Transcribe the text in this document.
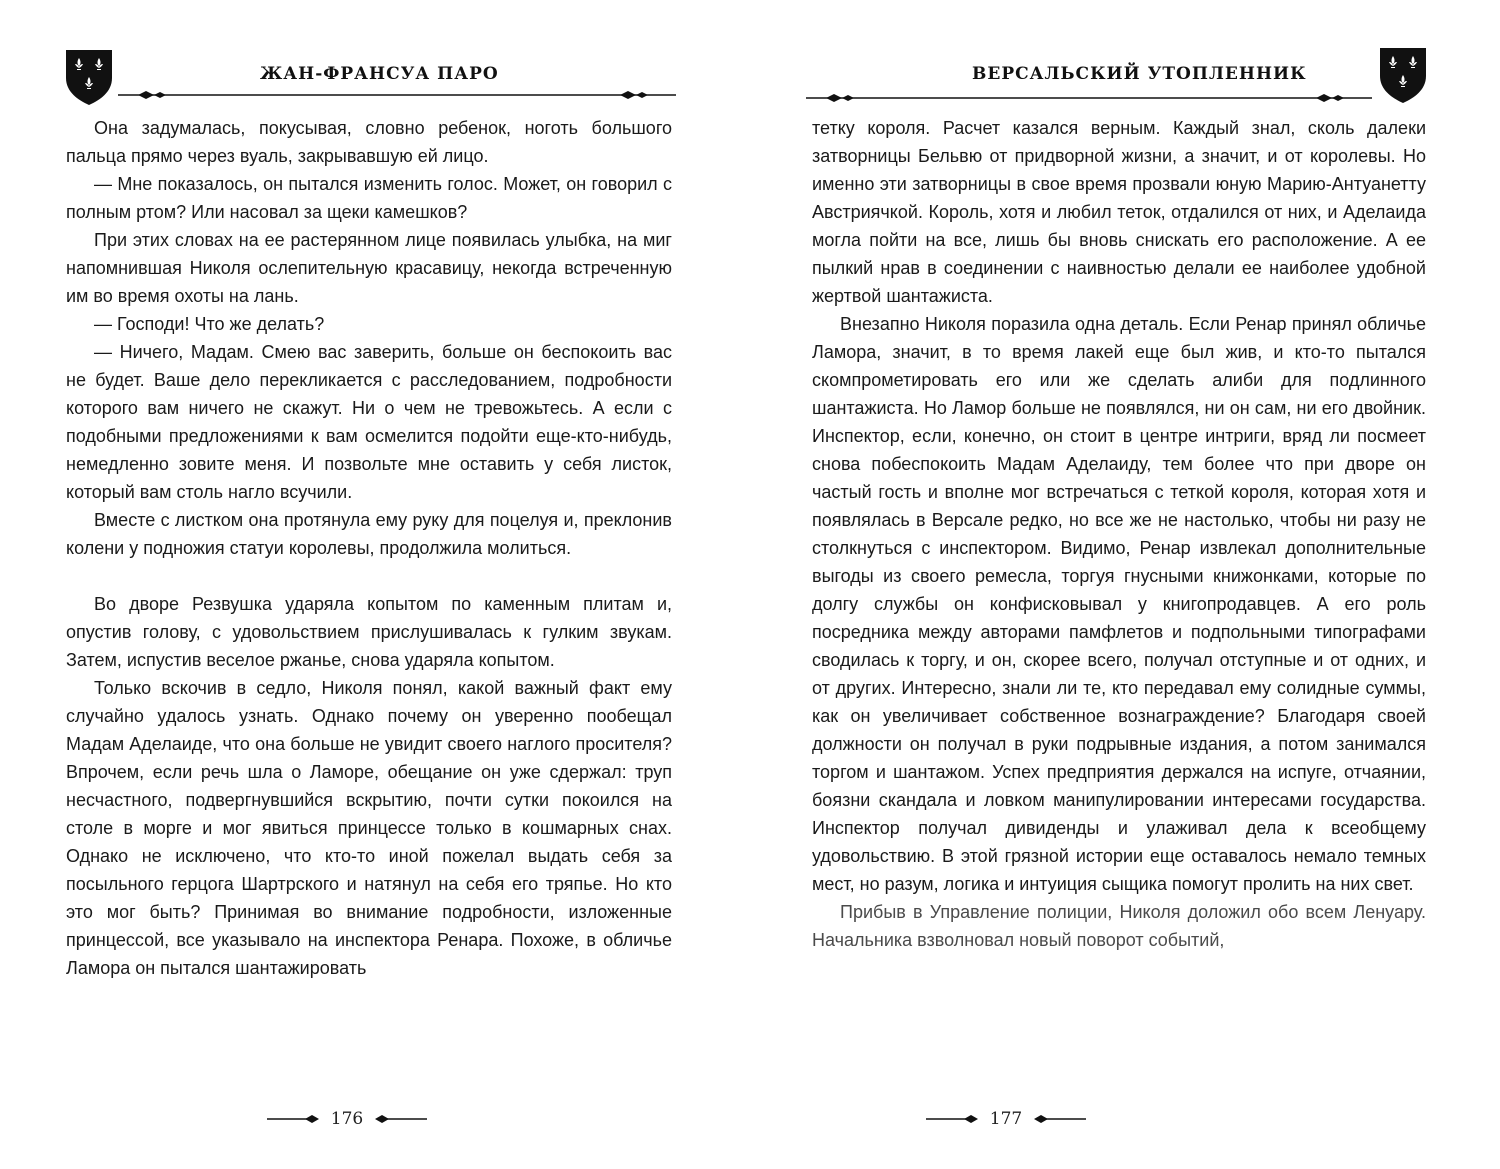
ЖАН-ФРАНСУА ПАРО

Она задумалась, покусывая, словно ребенок, ноготь большого пальца прямо через вуаль, закрывавшую ей лицо.

— Мне показалось, он пытался изменить голос. Может, он говорил с полным ртом? Или насовал за щеки камешков?

При этих словах на ее растерянном лице появилась улыбка, на миг напомнившая Николя ослепительную красавицу, некогда встреченную им во время охоты на лань.

— Господи! Что же делать?

— Ничего, Мадам. Смею вас заверить, больше он беспокоить вас не будет. Ваше дело перекликается с расследованием, подробности которого вам ничего не скажут. Ни о чем не тревожьтесь. А если с подобными предложениями к вам осмелится подойти еще-кто-нибудь, немедленно зовите меня. И позвольте мне оставить у себя листок, который вам столь нагло всучили.

Вместе с листком она протянула ему руку для поцелуя и, преклонив колени у подножия статуи королевы, продолжила молиться.

Во дворе Резвушка ударяла копытом по каменным плитам и, опустив голову, с удовольствием прислушивалась к гулким звукам. Затем, испустив веселое ржанье, снова ударяла копытом.

Только вскочив в седло, Николя понял, какой важный факт ему случайно удалось узнать. Однако почему он уверенно пообещал Мадам Аделаиде, что она больше не увидит своего наглого просителя? Впрочем, если речь шла о Ламоре, обещание он уже сдержал: труп несчастного, подвергнувшийся вскрытию, почти сутки покоился на столе в морге и мог явиться принцессе только в кошмарных снах. Однако не исключено, что кто-то иной пожелал выдать себя за посыльного герцога Шартрского и натянул на себя его тряпье. Но кто это мог быть? Принимая во внимание подробности, изложенные принцессой, все указывало на инспектора Ренара. Похоже, в обличье Ламора он пытался шантажировать

176
ВЕРСАЛЬСКИЙ УТОПЛЕННИК

тетку короля. Расчет казался верным. Каждый знал, сколь далеки затворницы Бельвю от придворной жизни, а значит, и от королевы. Но именно эти затворницы в свое время прозвали юную Марию-Антуанетту Австриячкой. Король, хотя и любил теток, отдалился от них, и Аделаида могла пойти на все, лишь бы вновь снискать его расположение. А ее пылкий нрав в соединении с наивностью делали ее наиболее удобной жертвой шантажиста.

Внезапно Николя поразила одна деталь. Если Ренар принял обличье Ламора, значит, в то время лакей еще был жив, и кто-то пытался скомпрометировать его или же сделать алиби для подлинного шантажиста. Но Ламор больше не появлялся, ни он сам, ни его двойник. Инспектор, если, конечно, он стоит в центре интриги, вряд ли посмеет снова побеспокоить Мадам Аделаиду, тем более что при дворе он частый гость и вполне мог встречаться с теткой короля, которая хотя и появлялась в Версале редко, но все же не настолько, чтобы ни разу не столкнуться с инспектором. Видимо, Ренар извлекал дополнительные выгоды из своего ремесла, торгуя гнусными книжонками, которые по долгу службы он конфисковывал у книгопродавцев. А его роль посредника между авторами памфлетов и подпольными типографами сводилась к торгу, и он, скорее всего, получал отступные и от одних, и от других. Интересно, знали ли те, кто передавал ему солидные суммы, как он увеличивает собственное вознаграждение? Благодаря своей должности он получал в руки подрывные издания, а потом занимался торгом и шантажом. Успех предприятия держался на испуге, отчаянии, боязни скандала и ловком манипулировании интересами государства. Инспектор получал дивиденды и улаживал дела к всеобщему удовольствию. В этой грязной истории еще оставалось немало темных мест, но разум, логика и интуиция сыщика помогут пролить на них свет.

Прибыв в Управление полиции, Николя доложил обо всем Ленуару. Начальника взволновал новый поворот событий,

177
